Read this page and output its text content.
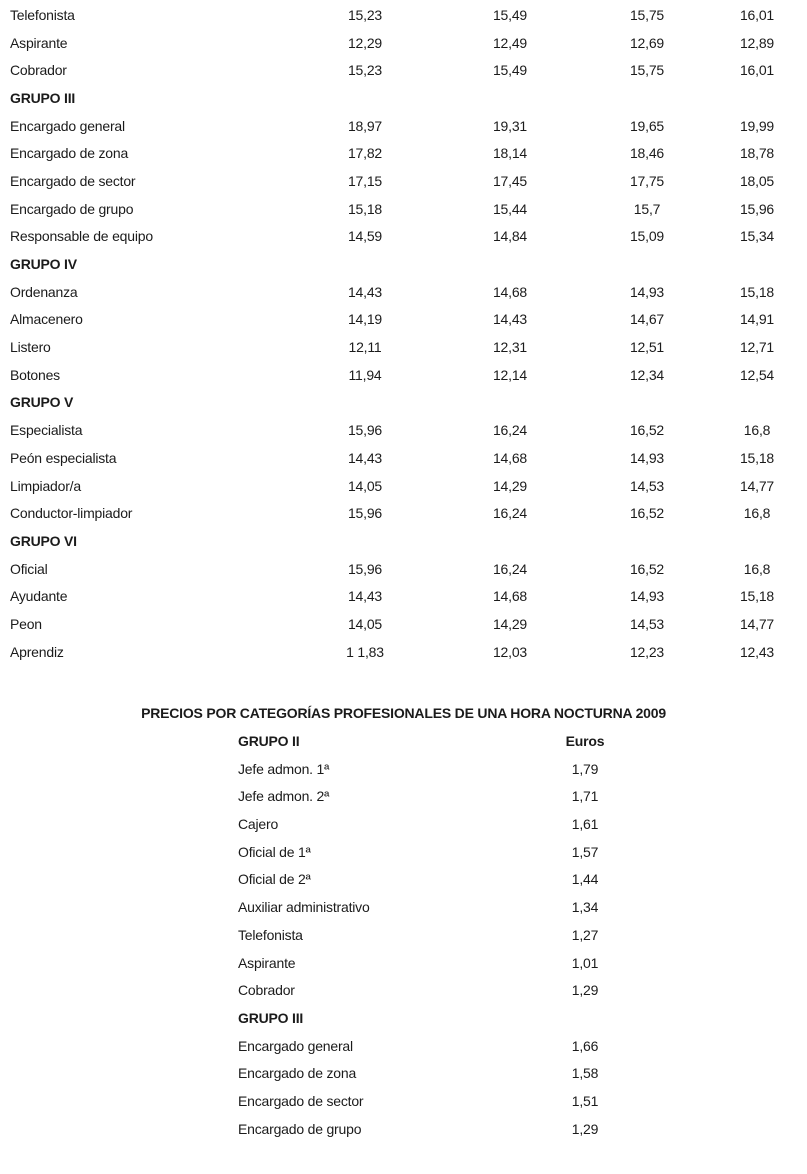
Telefonista	15,23	15,49	15,75	16,01
Aspirante	12,29	12,49	12,69	12,89
Cobrador	15,23	15,49	15,75	16,01
GRUPO III				
Encargado general	18,97	19,31	19,65	19,99
Encargado de zona	17,82	18,14	18,46	18,78
Encargado de sector	17,15	17,45	17,75	18,05
Encargado de grupo	15,18	15,44	15,7	15,96
Responsable de equipo	14,59	14,84	15,09	15,34
GRUPO IV				
Ordenanza	14,43	14,68	14,93	15,18
Almacenero	14,19	14,43	14,67	14,91
Listero	12,11	12,31	12,51	12,71
Botones	11,94	12,14	12,34	12,54
GRUPO V				
Especialista	15,96	16,24	16,52	16,8
Peón especialista	14,43	14,68	14,93	15,18
Limpiador/a	14,05	14,29	14,53	14,77
Conductor-limpiador	15,96	16,24	16,52	16,8
GRUPO VI				
Oficial	15,96	16,24	16,52	16,8
Ayudante	14,43	14,68	14,93	15,18
Peon	14,05	14,29	14,53	14,77
Aprendiz	1 1,83	12,03	12,23	12,43
PRECIOS POR CATEGORÍAS PROFESIONALES DE UNA HORA NOCTURNA 2009
GRUPO II	Euros
Jefe admon. 1ª	1,79
Jefe admon. 2ª	1,71
Cajero	1,61
Oficial de 1ª	1,57
Oficial de 2ª	1,44
Auxiliar administrativo	1,34
Telefonista	1,27
Aspirante	1,01
Cobrador	1,29
GRUPO III	
Encargado general	1,66
Encargado de zona	1,58
Encargado de sector	1,51
Encargado de grupo	1,29
